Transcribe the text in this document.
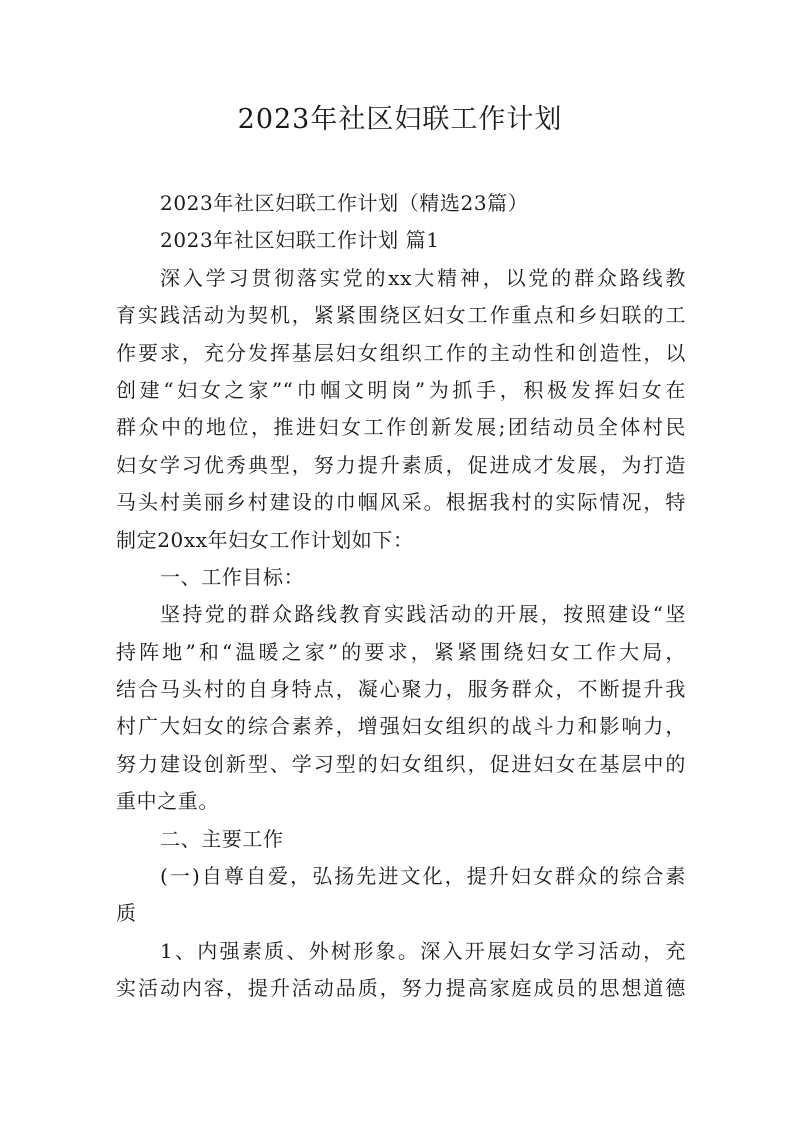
2023年社区妇联工作计划

2023年社区妇联工作计划（精选23篇）

2023年社区妇联工作计划 篇1

深入学习贯彻落实党的xx大精神，以党的群众路线教

育实践活动为契机，紧紧围绕区妇女工作重点和乡妇联的工

作要求，充分发挥基层妇女组织工作的主动性和创造性，以

创建“妇女之家”“巾帼文明岗”为抓手，积极发挥妇女在

群众中的地位，推进妇女工作创新发展;团结动员全体村民

妇女学习优秀典型，努力提升素质，促进成才发展，为打造

马头村美丽乡村建设的巾帼风采。根据我村的实际情况，特

制定20xx年妇女工作计划如下：

一、工作目标：

坚持党的群众路线教育实践活动的开展，按照建设“坚

持阵地”和“温暖之家”的要求，紧紧围绕妇女工作大局，

结合马头村的自身特点，凝心聚力，服务群众，不断提升我

村广大妇女的综合素养，增强妇女组织的战斗力和影响力，

努力建设创新型、学习型的妇女组织，促进妇女在基层中的

重中之重。

二、主要工作

(一)自尊自爱，弘扬先进文化，提升妇女群众的综合素

质

1、内强素质、外树形象。深入开展妇女学习活动，充

实活动内容，提升活动品质，努力提高家庭成员的思想道德
